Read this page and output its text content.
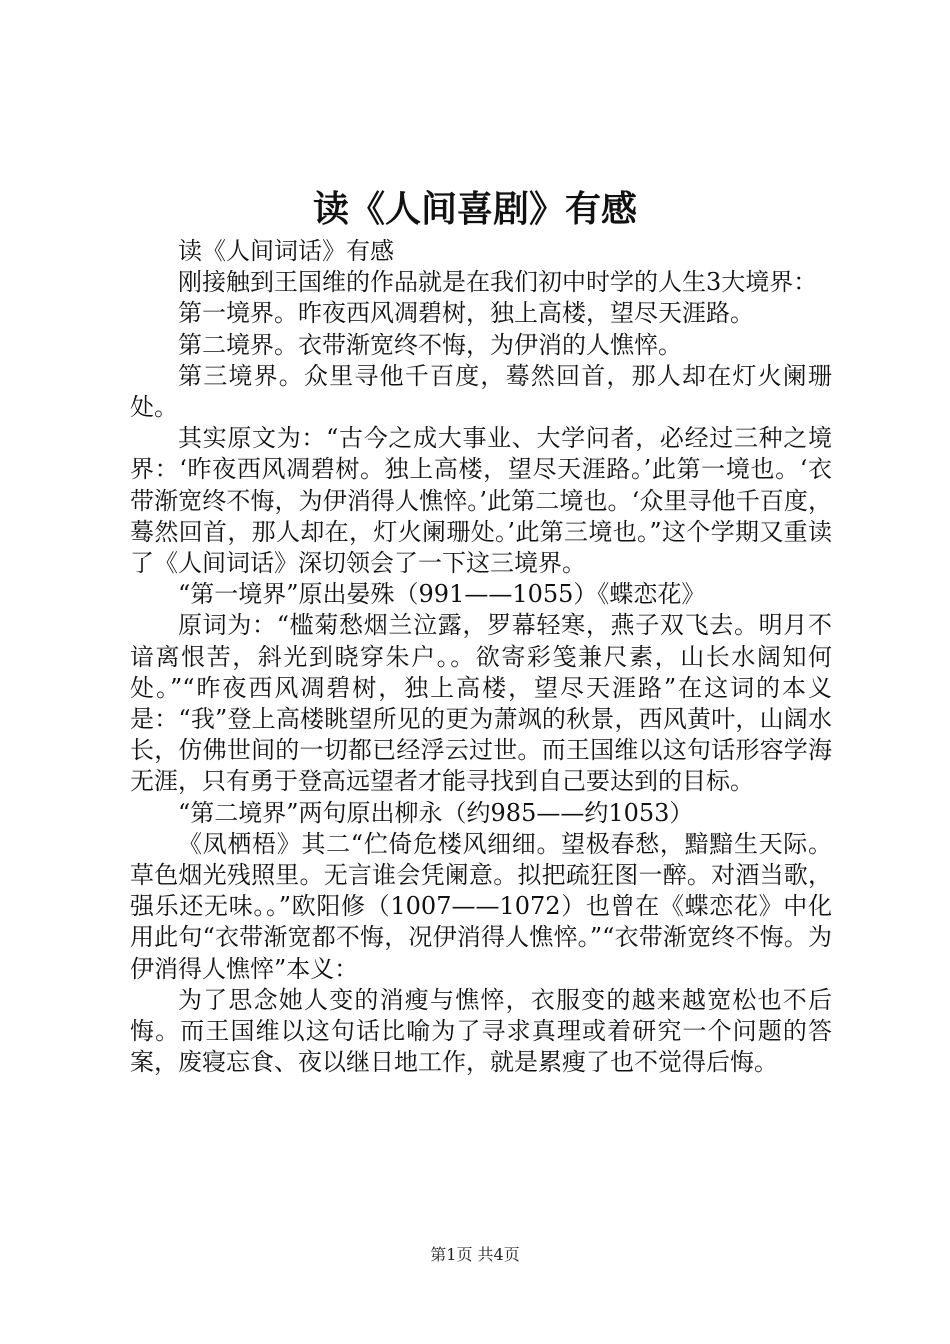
读《人间喜剧》有感

读《人间词话》有感

刚接触到王国维的作品就是在我们初中时学的人生3大境界：

第一境界。昨夜西风凋碧树，独上高楼，望尽天涯路。

第二境界。衣带渐宽终不悔，为伊消的人憔悴。

第三境界。众里寻他千百度，蓦然回首，那人却在灯火阑珊处。

其实原文为：“古今之成大事业、大学问者，必经过三种之境界：‘昨夜西风凋碧树。独上高楼，望尽天涯路。’此第一境也。‘衣带渐宽终不悔，为伊消得人憔悴。’此第二境也。‘众里寻他千百度，蓦然回首，那人却在，灯火阑珊处。’此第三境也。”这个学期又重读了《人间词话》深切领会了一下这三境界。

“第一境界”原出晏殊（991——1055）《蝶恋花》

原词为：“槛菊愁烟兰泣露，罗幕轻寒，燕子双飞去。明月不谙离恨苦，斜光到晓穿朱户。。欲寄彩笺兼尺素，山长水阔知何处。”“昨夜西风凋碧树，独上高楼，望尽天涯路”在这词的本义是：“我”登上高楼眺望所见的更为萧飒的秋景，西风黄叶，山阔水长，仿佛世间的一切都已经浮云过世。而王国维以这句话形容学海无涯，只有勇于登高远望者才能寻找到自己要达到的目标。

“第二境界”两句原出柳永（约985——约1053）

《凤栖梧》其二“伫倚危楼风细细。望极春愁，黯黯生天际。草色烟光残照里。无言谁会凭阑意。拟把疏狂图一醉。对酒当歌，强乐还无味。。”欧阳修（1007——1072）也曾在《蝶恋花》中化用此句“衣带渐宽都不悔，况伊消得人憔悴。”“衣带渐宽终不悔。为伊消得人憔悴”本义：

为了思念她人变的消瘦与憔悴，衣服变的越来越宽松也不后悔。而王国维以这句话比喻为了寻求真理或着研究一个问题的答案，废寝忘食、夜以继日地工作，就是累瘦了也不觉得后悔。

第1页 共4页
